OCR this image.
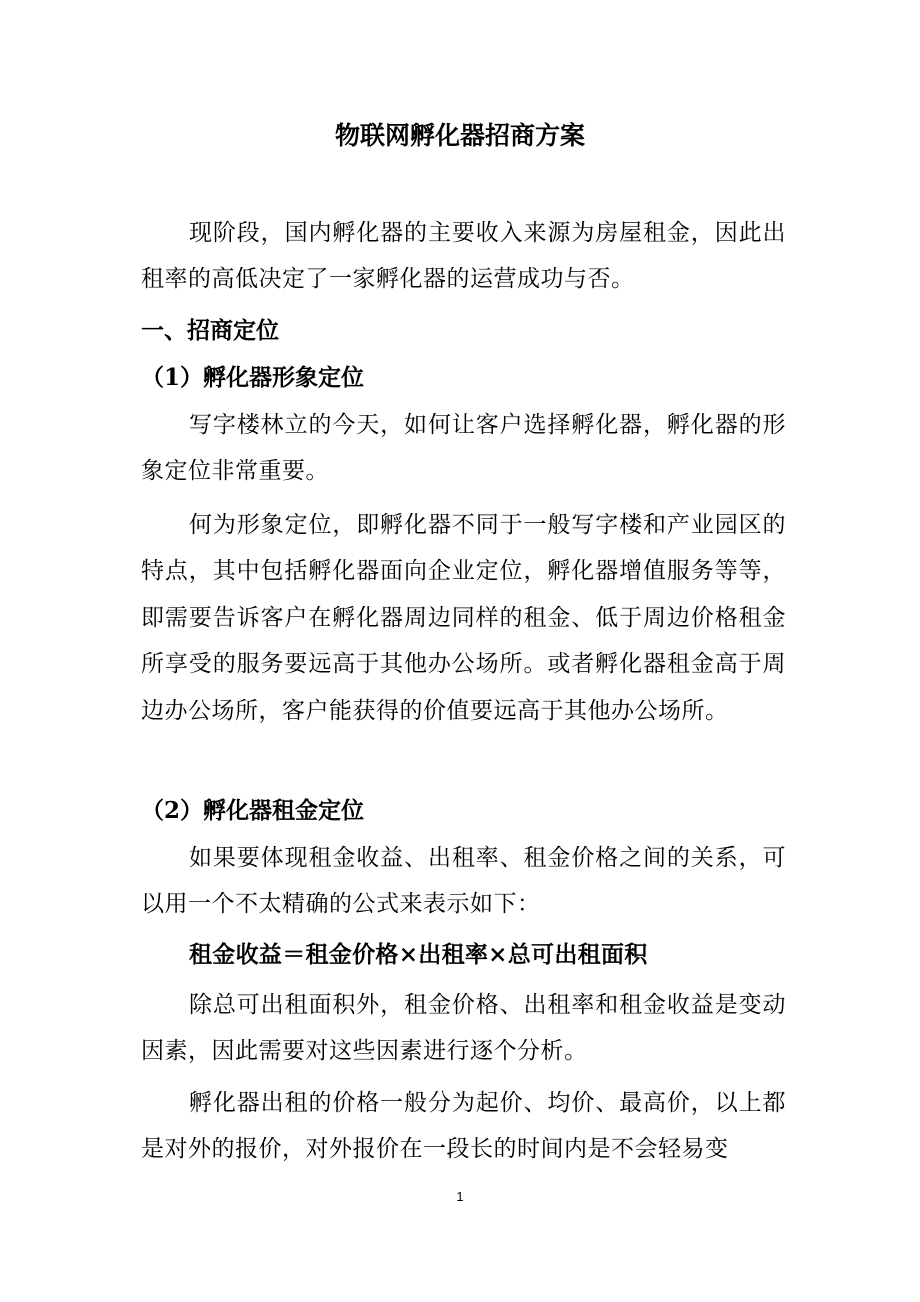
物联网孵化器招商方案
现阶段，国内孵化器的主要收入来源为房屋租金，因此出租率的高低决定了一家孵化器的运营成功与否。
一、招商定位
（1）孵化器形象定位
写字楼林立的今天，如何让客户选择孵化器，孵化器的形象定位非常重要。
何为形象定位，即孵化器不同于一般写字楼和产业园区的特点，其中包括孵化器面向企业定位，孵化器增值服务等等，即需要告诉客户在孵化器周边同样的租金、低于周边价格租金所享受的服务要远高于其他办公场所。或者孵化器租金高于周边办公场所，客户能获得的价值要远高于其他办公场所。
（2）孵化器租金定位
如果要体现租金收益、出租率、租金价格之间的关系，可以用一个不太精确的公式来表示如下：
租金收益＝租金价格×出租率×总可出租面积
除总可出租面积外，租金价格、出租率和租金收益是变动因素，因此需要对这些因素进行逐个分析。
孵化器出租的价格一般分为起价、均价、最高价，以上都是对外的报价，对外报价在一段长的时间内是不会轻易变
1
